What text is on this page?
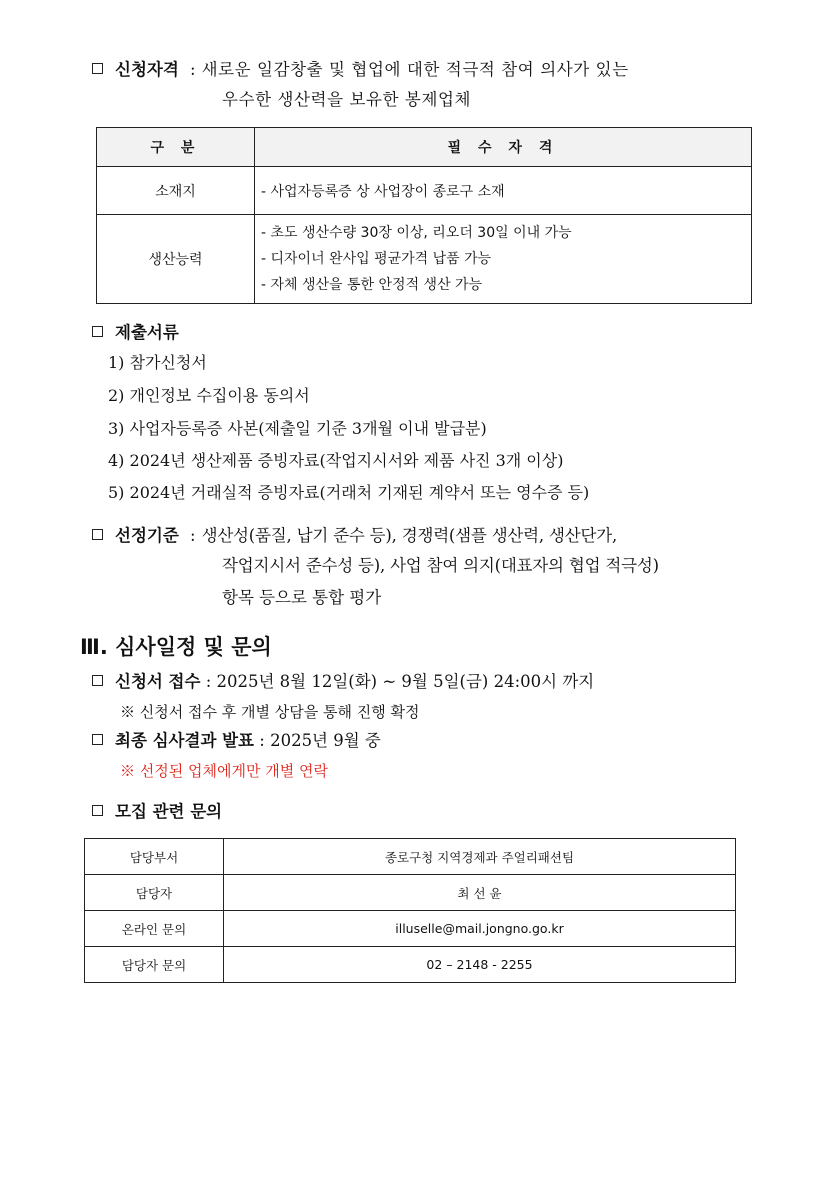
신청자격 : 새로운 일감창출 및 협업에 대한 적극적 참여 의사가 있는
우수한 생산력을 보유한 봉제업체
구 분	필 수 자 격
소재지	- 사업자등록증 상 사업장이 종로구 소재

생산능력	- 초도 생산수량 30장 이상, 리오더 30일 이내 가능
- 디자이너 완사입 평균가격 납품 가능
- 자체 생산을 통한 안정적 생산 가능
제출서류
1) 참가신청서
2) 개인정보 수집이용 동의서
3) 사업자등록증 사본(제출일 기준 3개월 이내 발급분)
4) 2024년 생산제품 증빙자료(작업지시서와 제품 사진 3개 이상)
5) 2024년 거래실적 증빙자료(거래처 기재된 계약서 또는 영수증 등)
선정기준 : 생산성(품질, 납기 준수 등), 경쟁력(샘플 생산력, 생산단가,
작업지시서 준수성 등), 사업 참여 의지(대표자의 협업 적극성)
항목 등으로 통합 평가
Ⅲ. 심사일정 및 문의
신청서 접수 : 2025년 8월 12일(화) ~ 9월 5일(금) 24:00시 까지
※ 신청서 접수 후 개별 상담을 통해 진행 확정
최종 심사결과 발표 : 2025년 9월 중
※ 선정된 업체에게만 개별 연락
모집 관련 문의
담당부서	종로구청 지역경제과 주얼리패션팀
담당자	최 선 윤
온라인 문의	illuselle@mail.jongno.go.kr
담당자 문의	02 – 2148 - 2255
